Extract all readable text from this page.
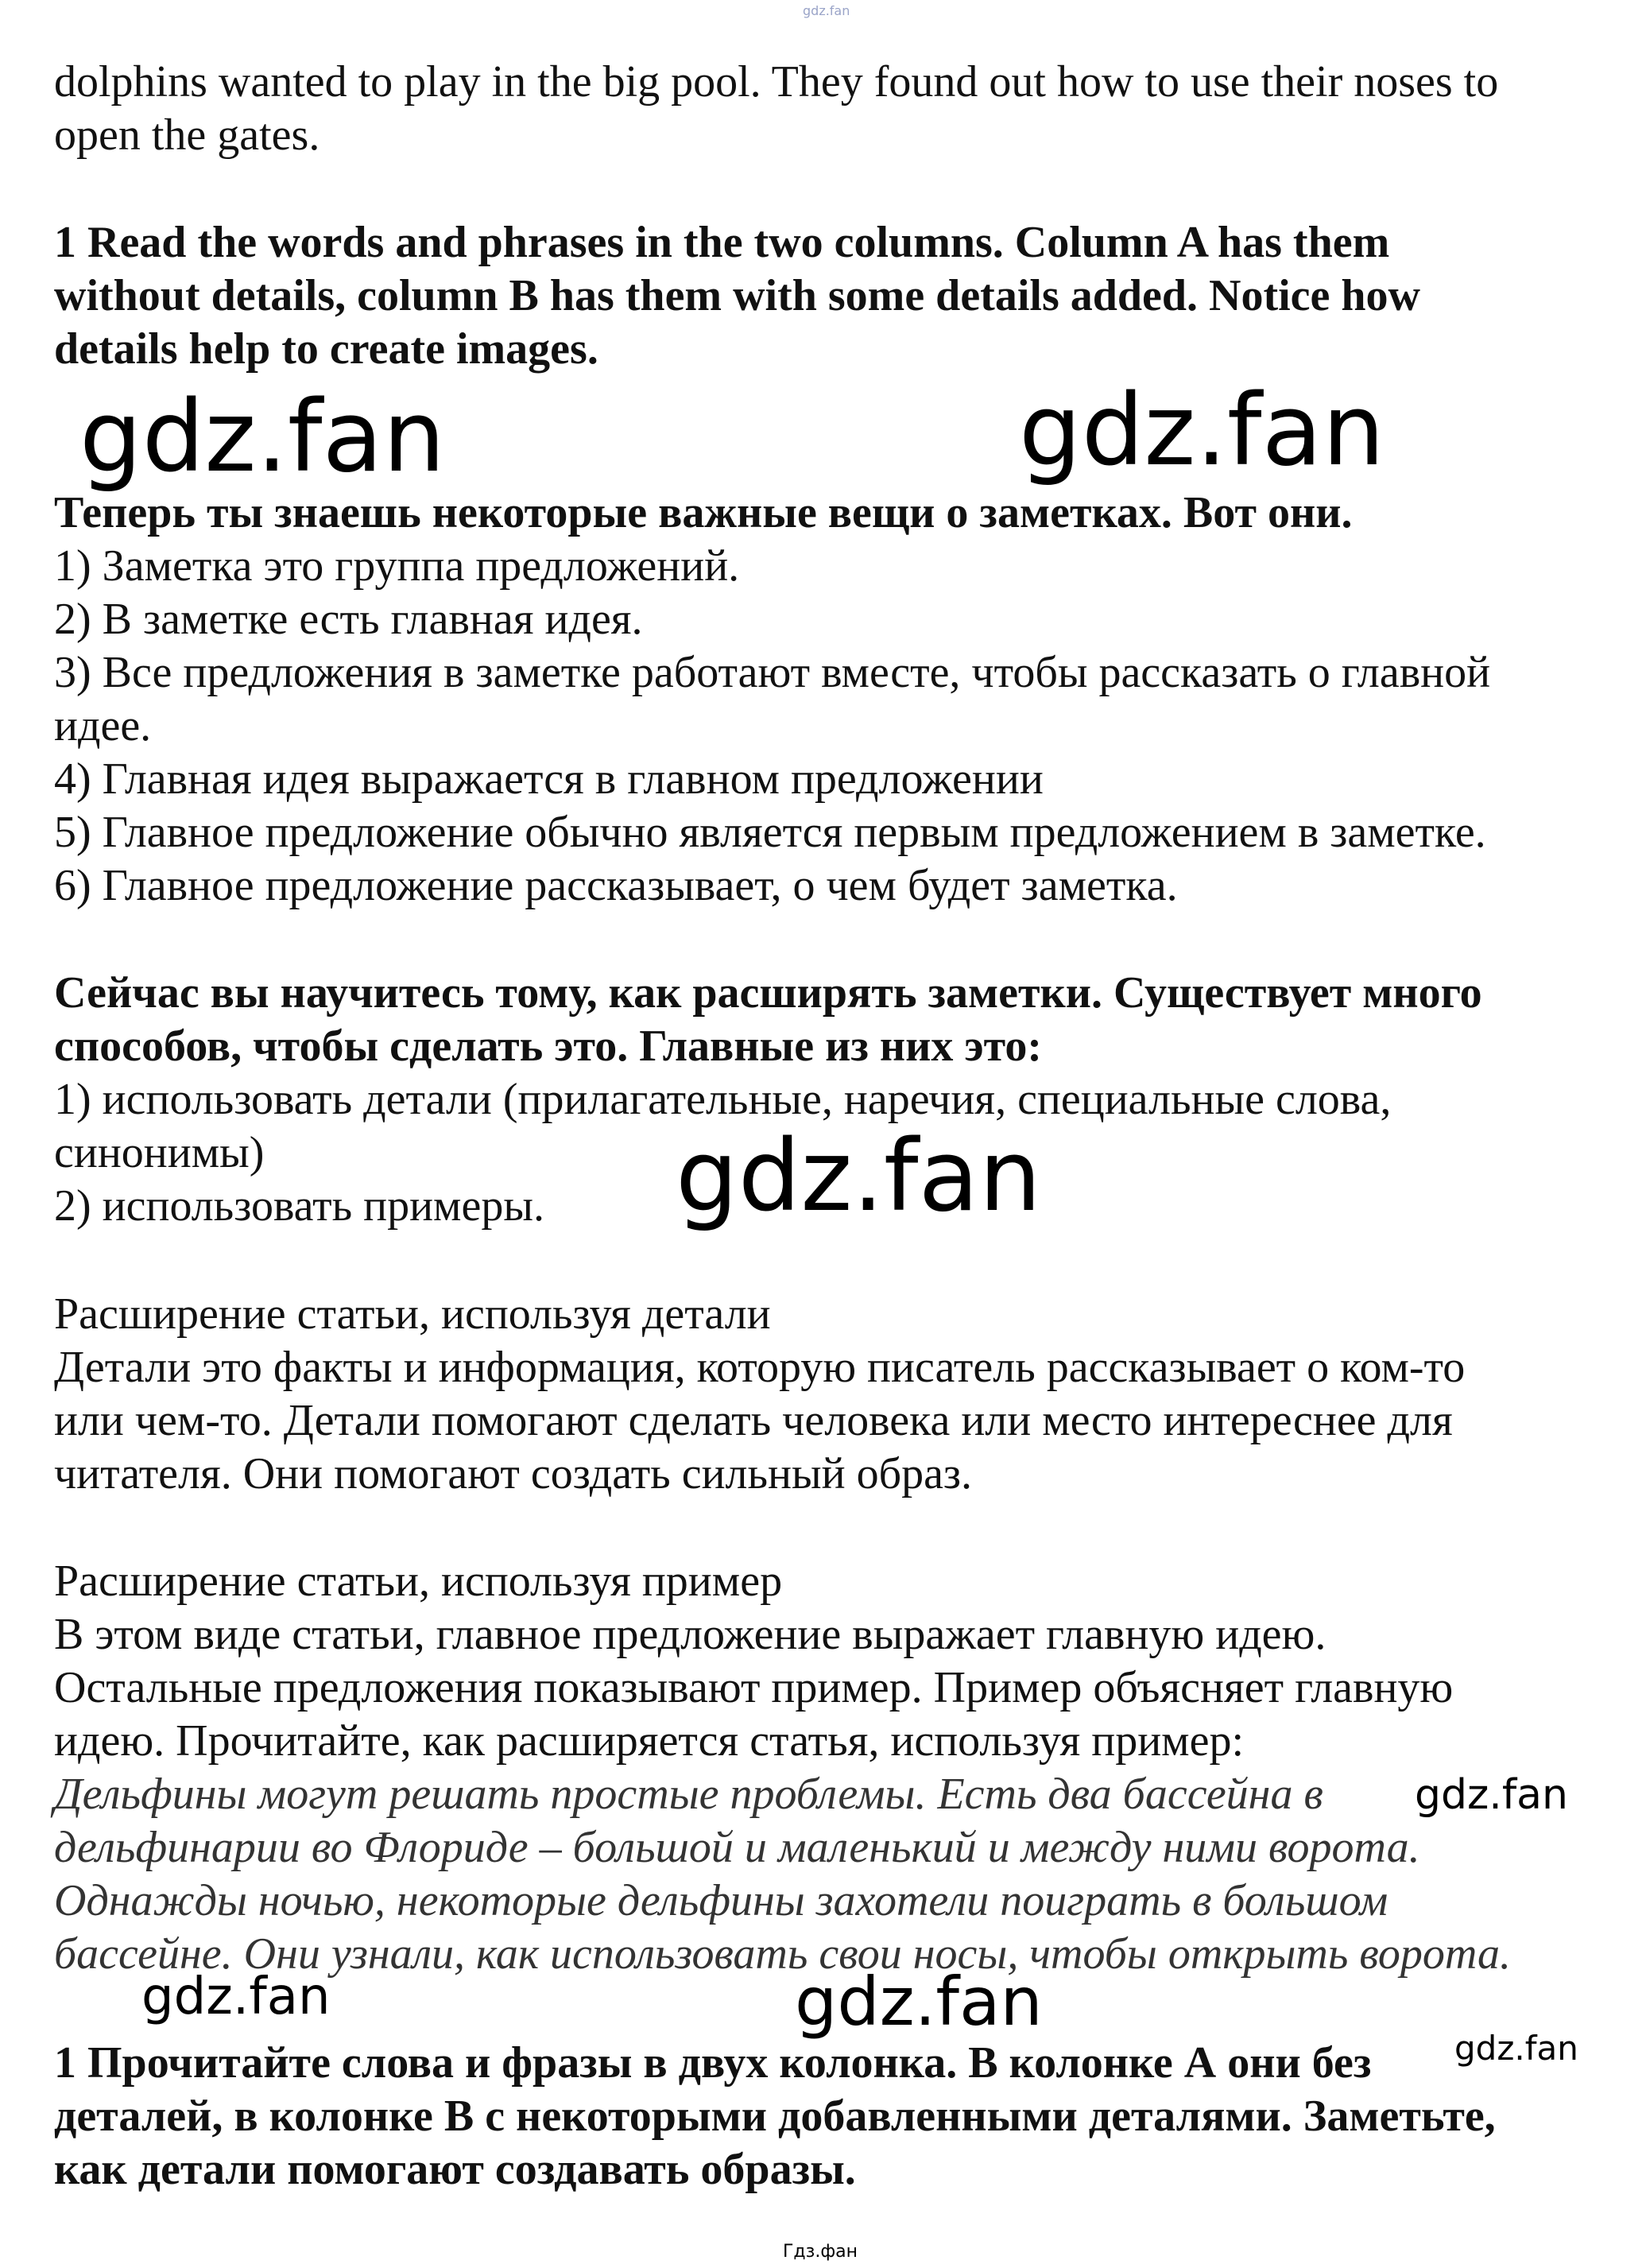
gdz.fan
dolphins wanted to play in the big pool. They found out how to use their noses to
open the gates.
1 Read the words and phrases in the two columns. Column A has them
without details, column B has them with some details added. Notice how
details help to create images.
gdz.fan	gdz.fan
Теперь ты знаешь некоторые важные вещи о заметках. Вот они.
1) Заметка это группа предложений.
2) В заметке есть главная идея.
3) Все предложения в заметке работают вместе, чтобы рассказать о главной
идее.
4) Главная идея выражается в главном предложении
5) Главное предложение обычно является первым предложением в заметке.
6) Главное предложение рассказывает, о чем будет заметка.
Сейчас вы научитесь тому, как расширять заметки. Существует много
способов, чтобы сделать это. Главные из них это:
1) использовать детали (прилагательные, наречия, специальные слова,
синонимы)
2) использовать примеры. gdz.fan
Расширение статьи, используя детали
Детали это факты и информация, которую писатель рассказывает о ком-то
или чем-то. Детали помогают сделать человека или место интереснее для
читателя. Они помогают создать сильный образ.
Расширение статьи, используя пример
В этом виде статьи, главное предложение выражает главную идею.
Остальные предложения показывают пример. Пример объясняет главную
идею. Прочитайте, как расширяется статья, используя пример:
Дельфины могут решать простые проблемы. Есть два бассейна в
дельфинарии во Флориде – большой и маленький и между ними ворота.
Однажды ночью, некоторые дельфины захотели поиграть в большом
бассейне. Они узнали, как использовать свои носы, чтобы открыть ворота.
gdz.fan
gdz.fan	gdz.fan
gdz.fan
1 Прочитайте слова и фразы в двух колонка. В колонке А они без
деталей, в колонке В с некоторыми добавленными деталями. Заметьте,
как детали помогают создавать образы.
Гдз.фан
